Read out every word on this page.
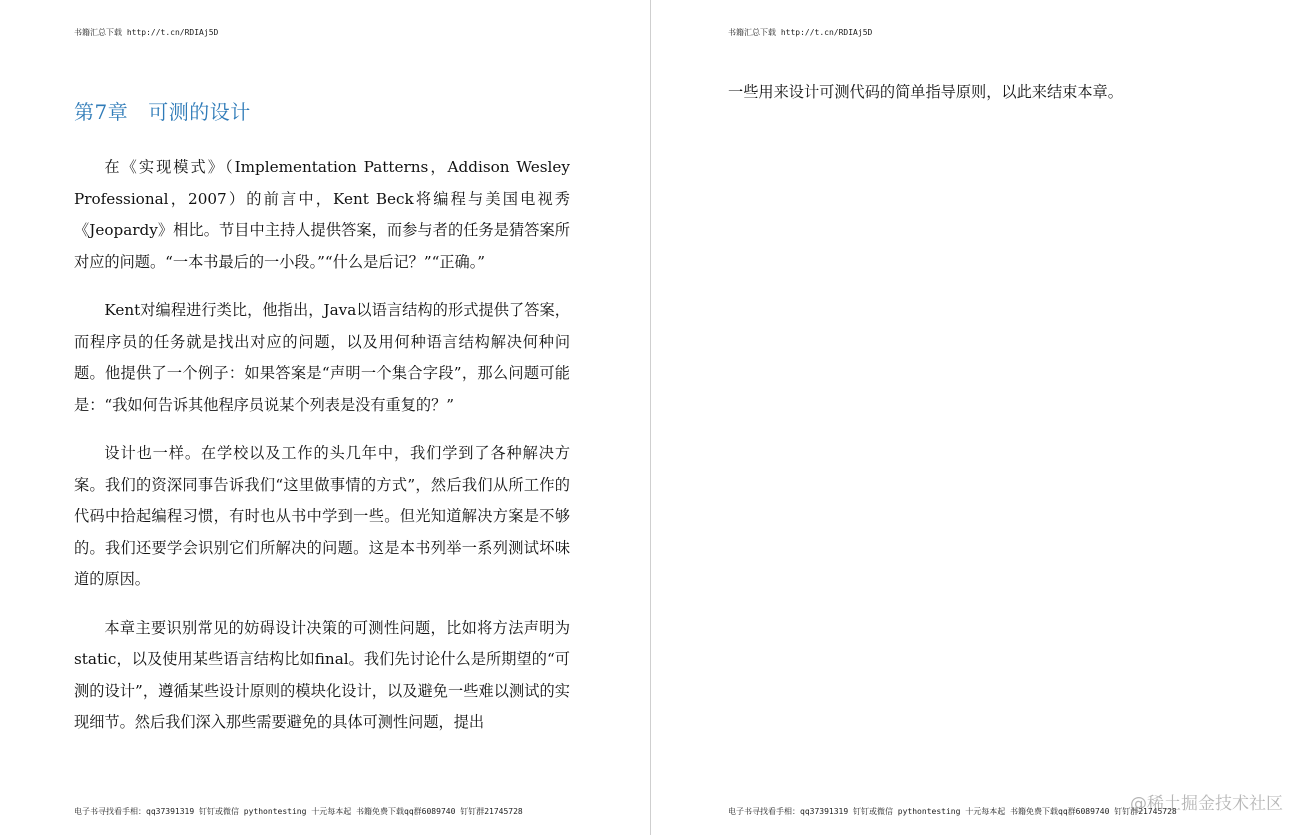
书籍汇总下载 http://t.cn/RDIAj5D
第7章 可测的设计

在《实现模式》（Implementation Patterns，Addison Wesley Professional，2007）的前言中，Kent Beck将编程与美国电视秀《Jeopardy》相比。节目中主持人提供答案，而参与者的任务是猜答案所对应的问题。“一本书最后的一小段。”“什么是后记？”“正确。”

Kent对编程进行类比，他指出，Java以语言结构的形式提供了答案，而程序员的任务就是找出对应的问题，以及用何种语言结构解决何种问题。他提供了一个例子：如果答案是“声明一个集合字段”，那么问题可能是：“我如何告诉其他程序员说某个列表是没有重复的？”

设计也一样。在学校以及工作的头几年中，我们学到了各种解决方案。我们的资深同事告诉我们“这里做事情的方式”，然后我们从所工作的代码中拾起编程习惯，有时也从书中学到一些。但光知道解决方案是不够的。我们还要学会识别它们所解决的问题。这是本书列举一系列测试坏味道的原因。

本章主要识别常见的妨碍设计决策的可测性问题，比如将方法声明为static，以及使用某些语言结构比如final。我们先讨论什么是所期望的“可测的设计”，遵循某些设计原则的模块化设计，以及避免一些难以测试的实现细节。然后我们深入那些需要避免的具体可测性问题，提出

电子书寻找看手相：qq37391319 钉钉或微信 pythontesting 十元每本起 书籍免费下载qq群6089740 钉钉群21745728
书籍汇总下载 http://t.cn/RDIAj5D

一些用来设计可测代码的简单指导原则，以此来结束本章。

电子书寻找看手相：qq37391319 钉钉或微信 pythontesting 十元每本起 书籍免费下载qq群6089740 钉钉群21745728
@稀土掘金技术社区
